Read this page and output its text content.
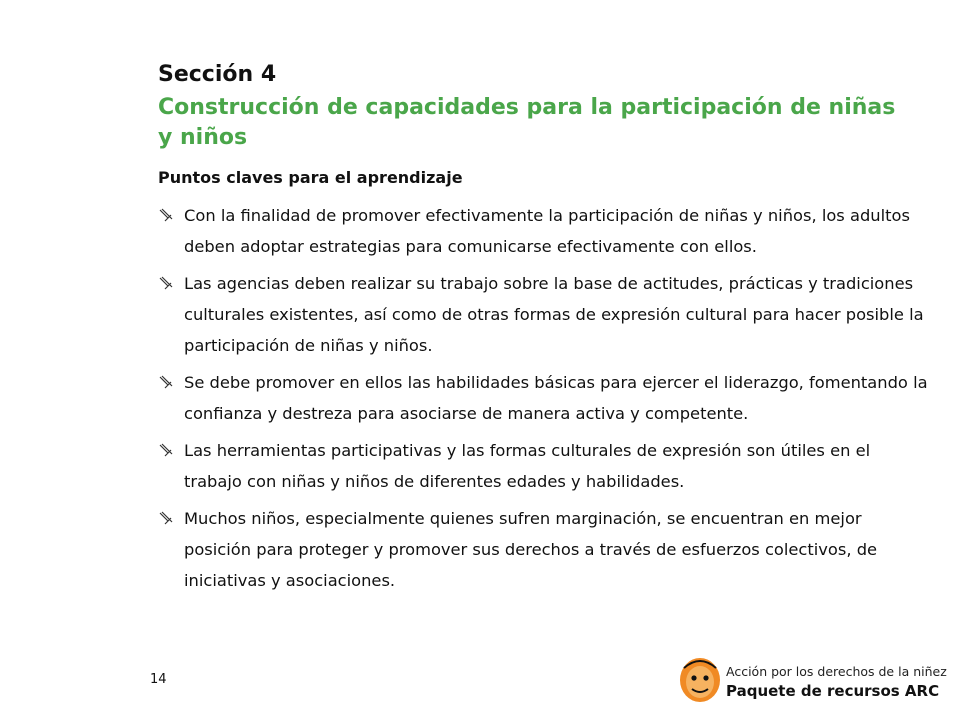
Sección 4
Construcción de capacidades para la participación de niñas y niños
Puntos claves para el aprendizaje
Con la finalidad de promover efectivamente la participación de niñas y niños, los adultos deben adoptar estrategias para comunicarse efectivamente con ellos.
Las agencias deben realizar su trabajo sobre la base de actitudes, prácticas y tradiciones culturales existentes, así como de otras formas de expresión cultural para hacer posible la participación de niñas y niños.
Se debe promover en ellos las habilidades básicas para ejercer el liderazgo, fomentando la confianza y destreza para asociarse de manera activa y competente.
Las herramientas participativas y las formas culturales de expresión son útiles en el trabajo con niñas y niños de diferentes edades y habilidades.
Muchos niños, especialmente quienes sufren marginación, se encuentran en mejor posición para proteger y promover sus derechos a través de esfuerzos colectivos, de iniciativas y asociaciones.
14
Acción por los derechos de la niñez
Paquete de recursos ARC
